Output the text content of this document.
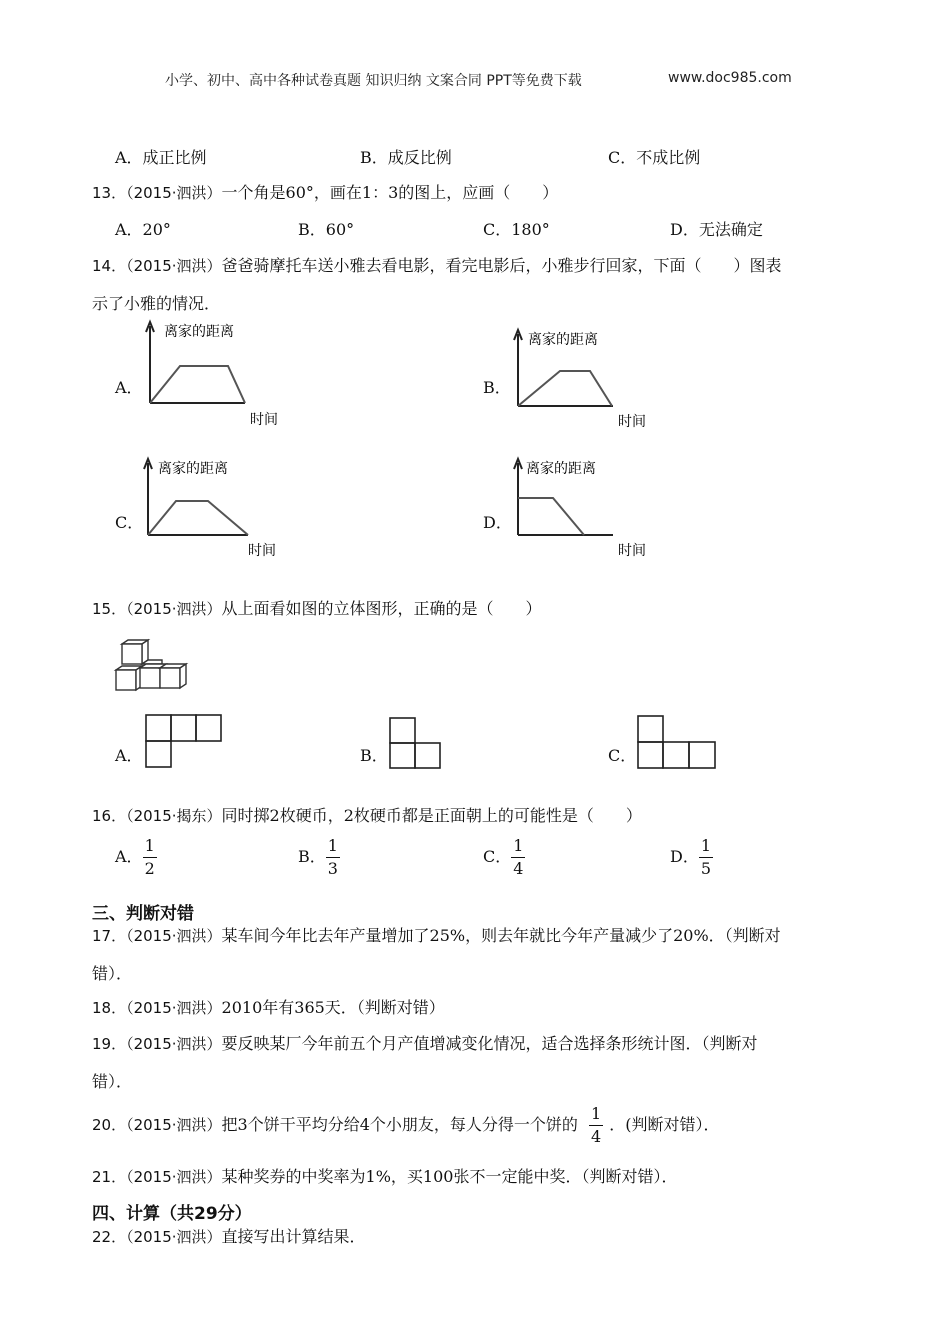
小学、初中、高中各种试卷真题 知识归纳 文案合同 PPT等免费下载	www.doc985.com
A．成正比例	B．成反比例	C．不成比例
13．（2015·泗洪）一个角是60°，画在1：3的图上，应画（　　）
A．20°	B．60°	C．180°	D．无法确定
14．（2015·泗洪）爸爸骑摩托车送小雅去看电影，看完电影后，小雅步行回家，下面（　　）图表
示了小雅的情况．
A．	B．
C．	D．
离家的距离
时间
离家的距离
时间
离家的距离
时间
离家的距离
时间
15．（2015·泗洪）从上面看如图的立体图形，正确的是（　　）
A．	B．	C．
16．（2015·揭东）同时掷2枚硬币，2枚硬币都是正面朝上的可能性是（　　）
A． $\frac{1}{2}$	B． $\frac{1}{3}$	C． $\frac{1}{4}$	D． $\frac{1}{5}$
三、判断对错
17．（2015·泗洪）某车间今年比去年产量增加了25%，则去年就比今年产量减少了20%．（判断对
错）．
18．（2015·泗洪）2010年有365天．（判断对错）
19．（2015·泗洪）要反映某厂今年前五个月产值增减变化情况，适合选择条形统计图．（判断对
错）．
20．（2015·泗洪）把3个饼干平均分给4个小朋友，每人分得一个饼的 $\frac{1}{4}$ ．(判断对错）．
21．（2015·泗洪）某种奖券的中奖率为1%，买100张不一定能中奖．（判断对错）．
四、计算（共29分）
22．（2015·泗洪）直接写出计算结果．
